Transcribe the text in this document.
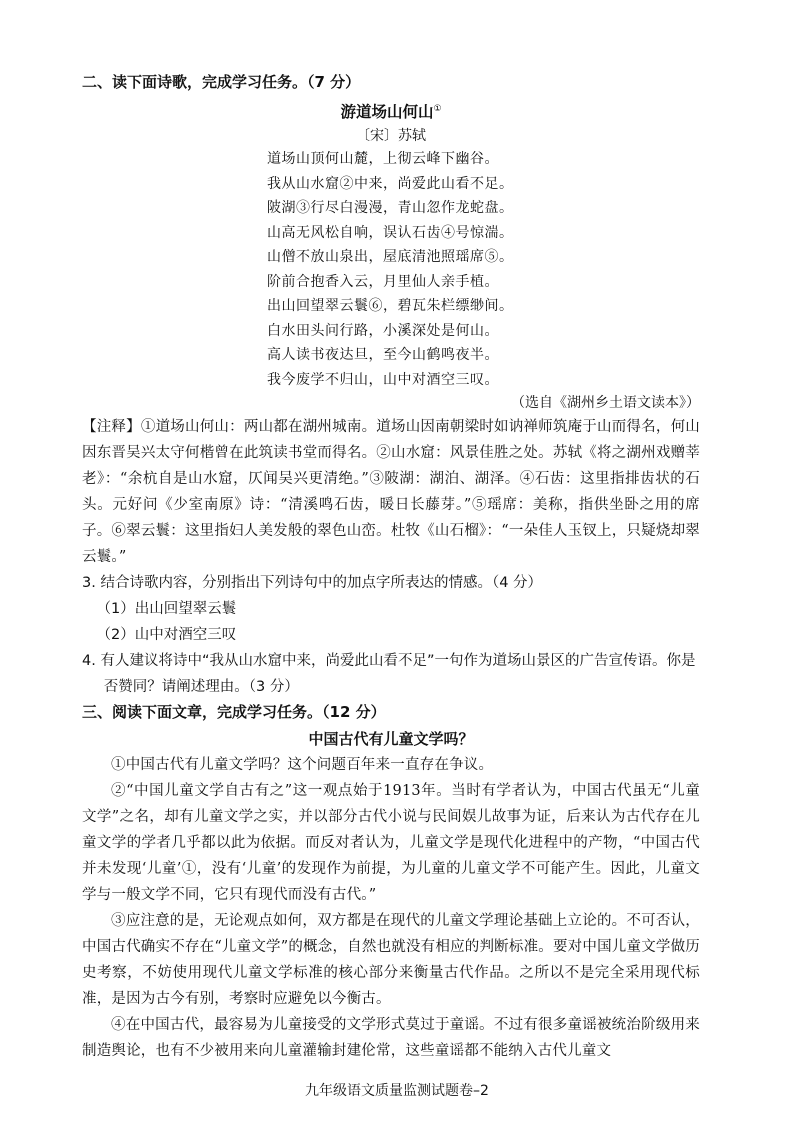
二、读下面诗歌，完成学习任务。（7 分）

游道场山何山①

〔宋〕苏轼

道场山顶何山麓，上彻云峰下幽谷。
我从山水窟②中来，尚爱此山看不足。
陂湖③行尽白漫漫，青山忽作龙蛇盘。
山高无风松自响，误认石齿④号惊湍。
山僧不放山泉出，屋底清池照瑶席⑤。
阶前合抱香入云，月里仙人亲手植。
出山回望翠云鬟⑥，碧瓦朱栏缥缈间。
白水田头问行路，小溪深处是何山。
高人读书夜达旦，至今山鹤鸣夜半。
我今废学不归山，山中对酒空三叹。

（选自《湖州乡土语文读本》）

【注释】①道场山何山：两山都在湖州城南。道场山因南朝梁时如讷禅师筑庵于山而得名，何山因东晋吴兴太守何楷曾在此筑读书堂而得名。②山水窟：风景佳胜之处。苏轼《将之湖州戏赠莘老》：“余杭自是山水窟，仄闻吴兴更清绝。”③陂湖：湖泊、湖泽。④石齿：这里指排齿状的石头。元好问《少室南原》诗：“清溪鸣石齿，暖日长藤芽。”⑤瑶席：美称，指供坐卧之用的席子。⑥翠云鬟：这里指妇人美发般的翠色山峦。杜牧《山石榴》：“一朵佳人玉钗上，只疑烧却翠云鬟。”

3. 结合诗歌内容，分别指出下列诗句中的加点字所表达的情感。（4 分）

（1）出山回望翠云鬟

（2）山中对酒空三叹

4. 有人建议将诗中“我从山水窟中来，尚爱此山看不足”一句作为道场山景区的广告宣传语。你是否赞同？请阐述理由。（3 分）

三、阅读下面文章，完成学习任务。（12 分）

中国古代有儿童文学吗？

①中国古代有儿童文学吗？这个问题百年来一直存在争议。

②“中国儿童文学自古有之”这一观点始于1913年。当时有学者认为，中国古代虽无“儿童文学”之名，却有儿童文学之实，并以部分古代小说与民间娱儿故事为证，后来认为古代存在儿童文学的学者几乎都以此为依据。而反对者认为，儿童文学是现代化进程中的产物，“中国古代并未发现‘儿童’①，没有‘儿童’的发现作为前提，为儿童的儿童文学不可能产生。因此，儿童文学与一般文学不同，它只有现代而没有古代。”

③应注意的是，无论观点如何，双方都是在现代的儿童文学理论基础上立论的。不可否认，中国古代确实不存在“儿童文学”的概念，自然也就没有相应的判断标准。要对中国儿童文学做历史考察，不妨使用现代儿童文学标准的核心部分来衡量古代作品。之所以不是完全采用现代标准，是因为古今有别，考察时应避免以今衡古。

④在中国古代，最容易为儿童接受的文学形式莫过于童谣。不过有很多童谣被统治阶级用来制造舆论，也有不少被用来向儿童灌输封建伦常，这些童谣都不能纳入古代儿童文

九年级语文质量监测试题卷–2
